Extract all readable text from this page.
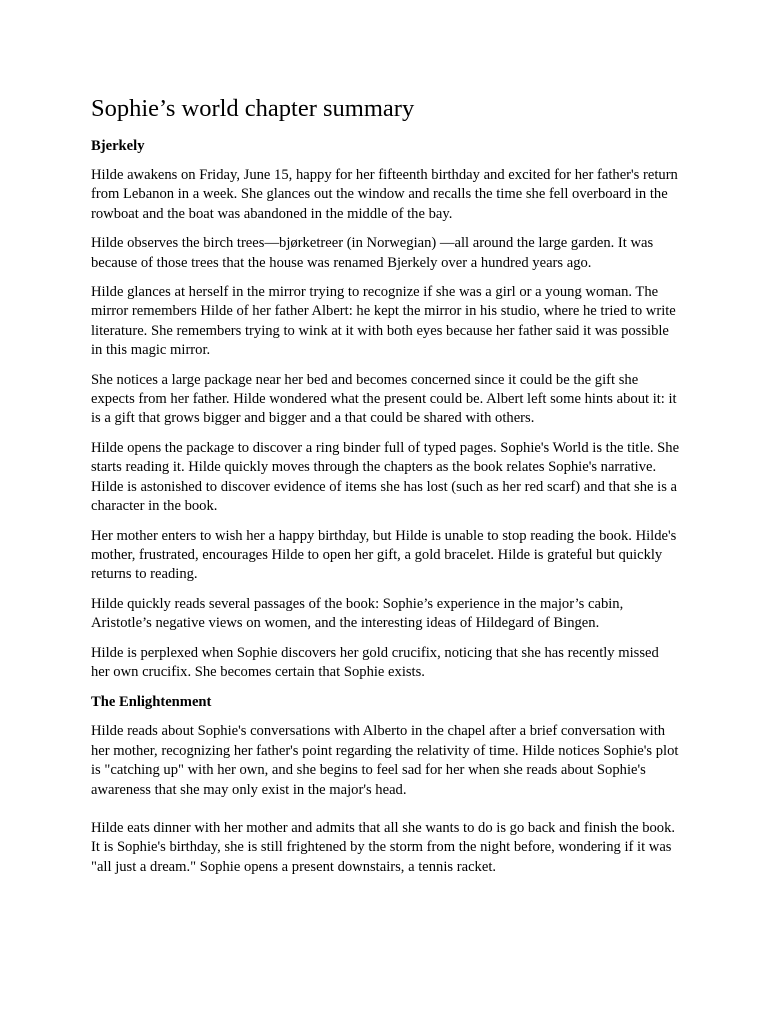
Sophie’s world chapter summary
Bjerkely

Hilde awakens on Friday, June 15, happy for her fifteenth birthday and excited for her father's return from Lebanon in a week. She glances out the window and recalls the time she fell overboard in the rowboat and the boat was abandoned in the middle of the bay.

Hilde observes the birch trees—bjørketreer (in Norwegian) —all around the large garden. It was because of those trees that the house was renamed Bjerkely over a hundred years ago.

Hilde glances at herself in the mirror trying to recognize if she was a girl or a young woman. The mirror remembers Hilde of her father Albert: he kept the mirror in his studio, where he tried to write literature. She remembers trying to wink at it with both eyes because her father said it was possible in this magic mirror.

She notices a large package near her bed and becomes concerned since it could be the gift she expects from her father. Hilde wondered what the present could be. Albert left some hints about it: it is a gift that grows bigger and bigger and a that could be shared with others.

Hilde opens the package to discover a ring binder full of typed pages. Sophie's World is the title. She starts reading it. Hilde quickly moves through the chapters as the book relates Sophie's narrative. Hilde is astonished to discover evidence of items she has lost (such as her red scarf) and that she is a character in the book.

Her mother enters to wish her a happy birthday, but Hilde is unable to stop reading the book. Hilde's mother, frustrated, encourages Hilde to open her gift, a gold bracelet. Hilde is grateful but quickly returns to reading.

Hilde quickly reads several passages of the book: Sophie’s experience in the major’s cabin, Aristotle’s negative views on women, and the interesting ideas of Hildegard of Bingen.

Hilde is perplexed when Sophie discovers her gold crucifix, noticing that she has recently missed her own crucifix. She becomes certain that Sophie exists.

The Enlightenment

Hilde reads about Sophie's conversations with Alberto in the chapel after a brief conversation with her mother, recognizing her father's point regarding the relativity of time. Hilde notices Sophie's plot is "catching up" with her own, and she begins to feel sad for her when she reads about Sophie's awareness that she may only exist in the major's head.

Hilde eats dinner with her mother and admits that all she wants to do is go back and finish the book. It is Sophie's birthday, she is still frightened by the storm from the night before, wondering if it was "all just a dream." Sophie opens a present downstairs, a tennis racket.
